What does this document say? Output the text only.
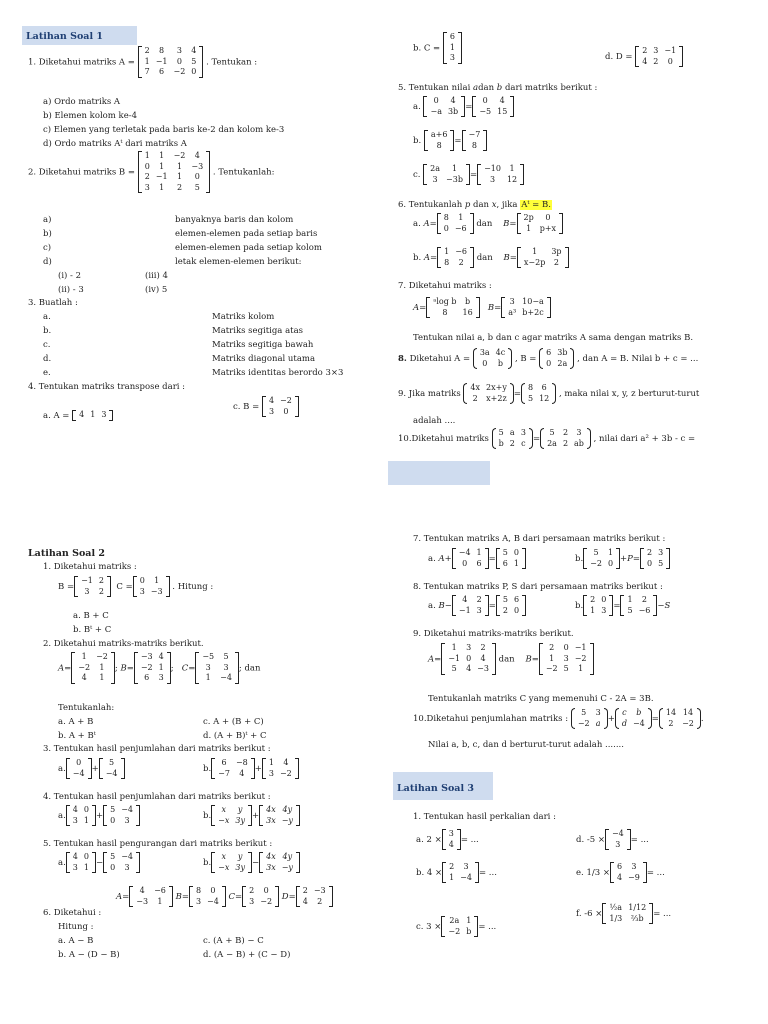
Latihan Soal 1
1. Diketahui matriks A =
2	8	3	4
1	−1	0	5
7	6	−2	0
. Tentukan :
a) Ordo matriks A
b) Elemen kolom ke-4
c) Elemen yang terletak pada baris ke-2 dan kolom ke-3
d) Ordo matriks Aᵗ dari matriks A
2. Diketahui matriks B =
1	1	−2	4
0	1	1	−3
2	−1	1	0
3	1	2	5
. Tentukanlah:
a)	banyaknya baris dan kolom
b)	elemen-elemen pada setiap baris
c)	elemen-elemen pada setiap kolom
d)	letak elemen-elemen berikut:
(i) - 2	(iii) 4
(ii) - 3	(iv) 5
3. Buatlah :
a.	Matriks kolom
b.	Matriks segitiga atas
c.	Matriks segitiga bawah
d.	Matriks diagonal utama
e.	Matriks identitas berordo 3×3
4. Tentukan matriks transpose dari :
a. A = 4	1	3
c. B =
4	−2
3	0
b. C =
6
1
3	d. D =
2	3	−1
4	2	0
5. Tentukan nilai adan b dari matriks berikut :
a.
0	4
−a	3b =
0	4
−5	15
b.
a+6
8 =
−7
8
c.
2a	1
3	−3b =
−10	1
3	12
6. Tentukanlah p dan x, jika Aᵗ = B.
a. A=
8	1
0	−6 dan B=
2p	0
1	p+x
b. A=
1	−6
8	2 dan B=
1	3p
x−2p	2
7. Diketahui matriks :
A=
ᵃlog b	b
8	16 B=
3	10−a
a³	b+2c
Tentukan nilai a, b dan c agar matriks A sama dengan matriks B.
8. Diketahui A =
3a	4c
0	b , B =
6	3b
0	2a , dan A = B. Nilai b + c = ...
9. Jika matriks
4x	2x+y
2	x+2z =
8	6
5	12 , maka nilai x, y, z berturut-turut
adalah ....
10.Diketahui matriks
5	a	3
b	2	c =
5	2	3
2a	2	ab , nilai dari a² + 3b - c =
Latihan Soal 2
1. Diketahui matriks :
B =
−1	2
3	2 C =
0	1
3	−3 . Hitung :
a. B + C
b. Bᵗ + C
2. Diketahui matriks-matriks berikut.
A=
1	−2
−2	1
4	1
; B=
−3	4
−2	1
6	3
;   C=
−5	5
3	3
1	−4
; dan
Tentukanlah:
a. A + B	c. A + (B + C)
b. A + Bᵗ	d. (A + B)ᵗ + C
3. Tentukan hasil penjumlahan dari matriks berikut :
a.
0
−4 +
5
−4	b.
6	−8
−7	4 +
1	4
3	−2
4. Tentukan hasil penjumlahan dari matriks berikut :
a.
4	0
3	1 +
5	−4
0	3	b.
x	y
−x	3y +
4x	4y
3x	−y
5. Tentukan hasil pengurangan dari matriks berikut :
a.
4	0
3	1 −
5	−4
0	3	b.
x	y
−x	3y −
4x	4y
3x	−y
A=
4	−6
−3	1 B=
8	0
3	−4 C=
2	0
3	−2 D=
2	−3
4	2
6. Diketahui :
Hitung :
a. A − B	c. (A + B) − C
b. A − (D − B)	d. (A − B) + (C − D)
7. Tentukan matriks A, B dari persamaan matriks berikut :
a. A+
−4	1
0	6 =
5	0
6	1	b.
5	1
−2	0 +P=
2	3
0	5
8. Tentukan matriks P, S dari persamaan matriks berikut :
a. B−
4	2
−1	3 =
5	6
2	0	b.
2	0
1	3 =
1	2
5	−6 −S
9. Diketahui matriks-matriks berikut.
A=
1	3	2
−1	0	4
5	4	−3
dan B=
2	0	−1
1	3	−2
−2	5	1
Tentukanlah matriks C yang memenuhi C - 2A = 3B.
10.Diketahui penjumlahan matriks :
5	3
−2	a +
c	b
d	−4 =
14	14
2	−2 .
Nilai a, b, c, dan d berturut-turut adalah .......
Latihan Soal 3
1. Tentukan hasil perkalian dari :
a. 2 ×
3
4 = ...	d. -5 ×
−4
3 = ...
b. 4 ×
2	3
1	−4 = ...	e. 1/3 ×
6	3
4	−9 = ...
c. 3 ×
2a	1
−2	b = ...
f. -6 ×
½a	1/12
1/3	⅔b = ...
